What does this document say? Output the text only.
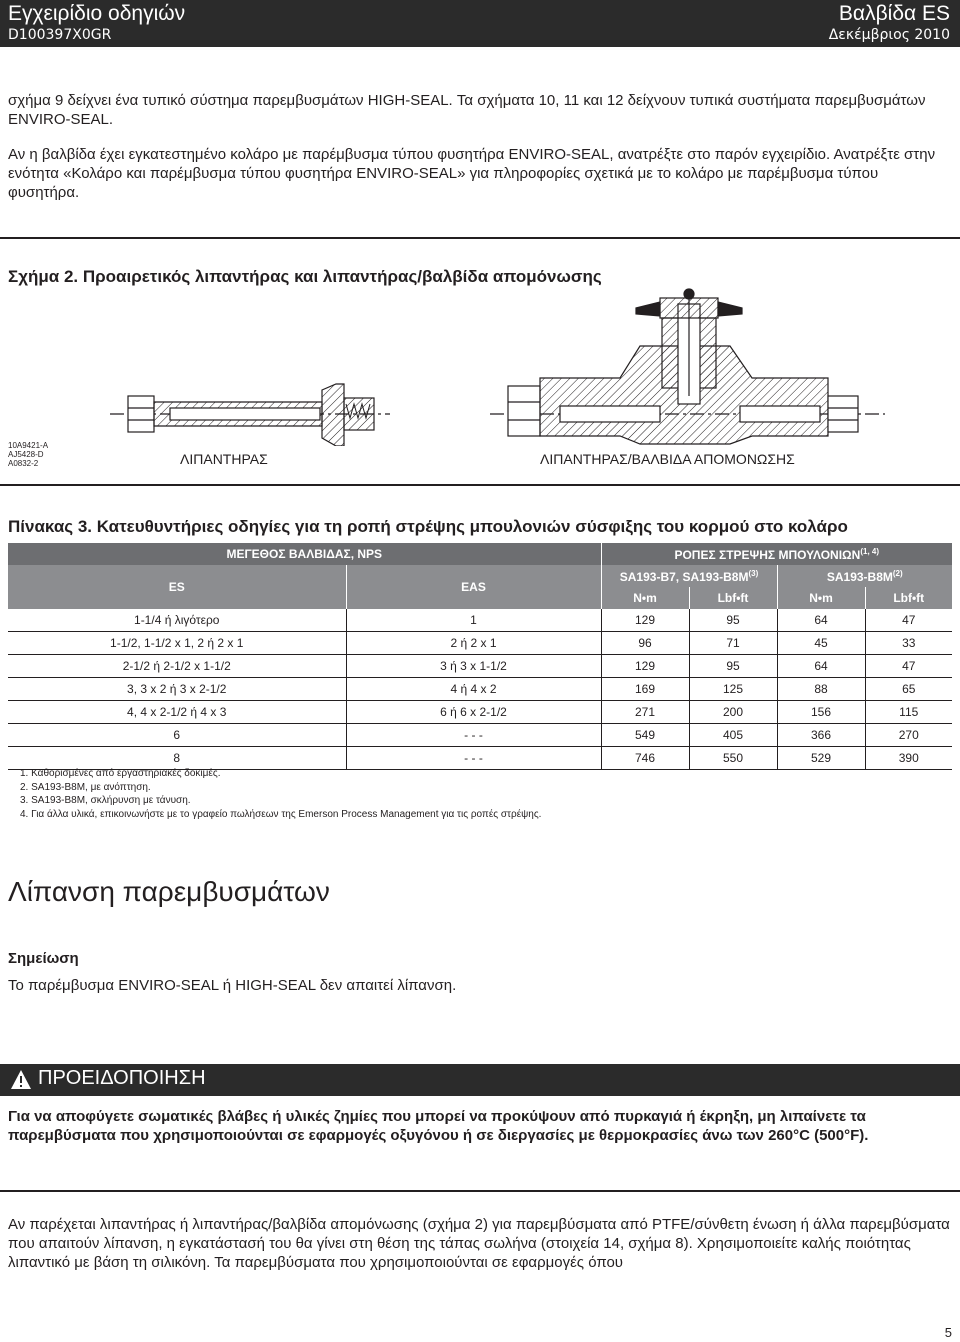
Εγχειρίδιο οδηγιών
D100397X0GR
Βαλβίδα ES
Δεκέμβριος 2010

σχήμα 9 δείχνει ένα τυπικό σύστημα παρεμβυσμάτων HIGH-SEAL. Τα σχήματα 10, 11 και 12 δείχνουν τυπικά συστήματα παρεμβυσμάτων ENVIRO-SEAL.

Αν η βαλβίδα έχει εγκατεστημένο κολάρο με παρέμβυσμα τύπου φυσητήρα ENVIRO-SEAL, ανατρέξτε στο παρόν εγχειρίδιο. Ανατρέξτε στην ενότητα «Κολάρο και παρέμβυσμα τύπου φυσητήρα ENVIRO-SEAL» για πληροφορίες σχετικά με το κολάρο με παρέμβυσμα τύπου φυσητήρα.

Σχήμα 2. Προαιρετικός λιπαντήρας και λιπαντήρας/βαλβίδα απομόνωσης
10A9421-A
AJ5428-D
A0832-2	ΛΙΠΑΝΤΗΡΑΣ	ΛΙΠΑΝΤΗΡΑΣ/ΒΑΛΒΙΔΑ ΑΠΟΜΟΝΩΣΗΣ
Πίνακας 3. Κατευθυντήριες οδηγίες για τη ροπή στρέψης μπουλονιών σύσφιξης του κορμού στο κολάρο
ΜΕΓΕΘΟΣ ΒΑΛΒΙΔΑΣ, NPS		ΡΟΠΕΣ ΣΤΡΕΨΗΣ ΜΠΟΥΛΟΝΙΩΝ$^{(1, 4)}$
ES	EAS	SA193-B7, $SA193-B8M^{(3)}$		$SA193-B8M^{(2)}$
		N•m	Lbf•ft	N•m	Lbf•ft
1-1/4 ή λιγότερο	1	129	95	64	47
1-1/2, 1-1/2 x 1, 2 ή 2 x 1	2 ή 2 x 1	96	71	45	33
2-1/2 ή 2-1/2 x 1-1/2	3 ή 3 x 1-1/2	129	95	64	47
3, 3 x 2 ή 3 x 2-1/2	4 ή 4 x 2	169	125	88	65
4, 4 x 2-1/2 ή 4 x 3	6 ή 6 x 2-1/2	271	200	156	115
6	- - -	549	405	366	270
8	- - -	746	550	529	390
1. Καθορισμένες από εργαστηριακές δοκιμές.
2. SA193-B8M, με ανόπτηση.
3. SA193-B8M, σκλήρυνση με τάνυση.
4. Για άλλα υλικά, επικοινωνήστε με το γραφείο πωλήσεων της Emerson Process Management για τις ροπές στρέψης.
Λίπανση παρεμβυσμάτων
Σημείωση
Το παρέμβυσμα ENVIRO-SEAL ή HIGH-SEAL δεν απαιτεί λίπανση.
ΠΡΟΕΙΔΟΠΟΙΗΣΗ
Για να αποφύγετε σωματικές βλάβες ή υλικές ζημίες που μπορεί να προκύψουν από πυρκαγιά ή έκρηξη, μη λιπαίνετε τα παρεμβύσματα που χρησιμοποιούνται σε εφαρμογές οξυγόνου ή σε διεργασίες με θερμοκρασίες άνω των 260°C (500°F).

Αν παρέχεται λιπαντήρας ή λιπαντήρας/βαλβίδα απομόνωσης (σχήμα 2) για παρεμβύσματα από PTFE/σύνθετη ένωση ή άλλα παρεμβύσματα που απαιτούν λίπανση, η εγκατάστασή του θα γίνει στη θέση της τάπας σωλήνα (στοιχεία 14, σχήμα 8). Χρησιμοποιείτε καλής ποιότητας λιπαντικό με βάση τη σιλικόνη. Τα παρεμβύσματα που χρησιμοποιούνται σε εφαρμογές όπου

5
